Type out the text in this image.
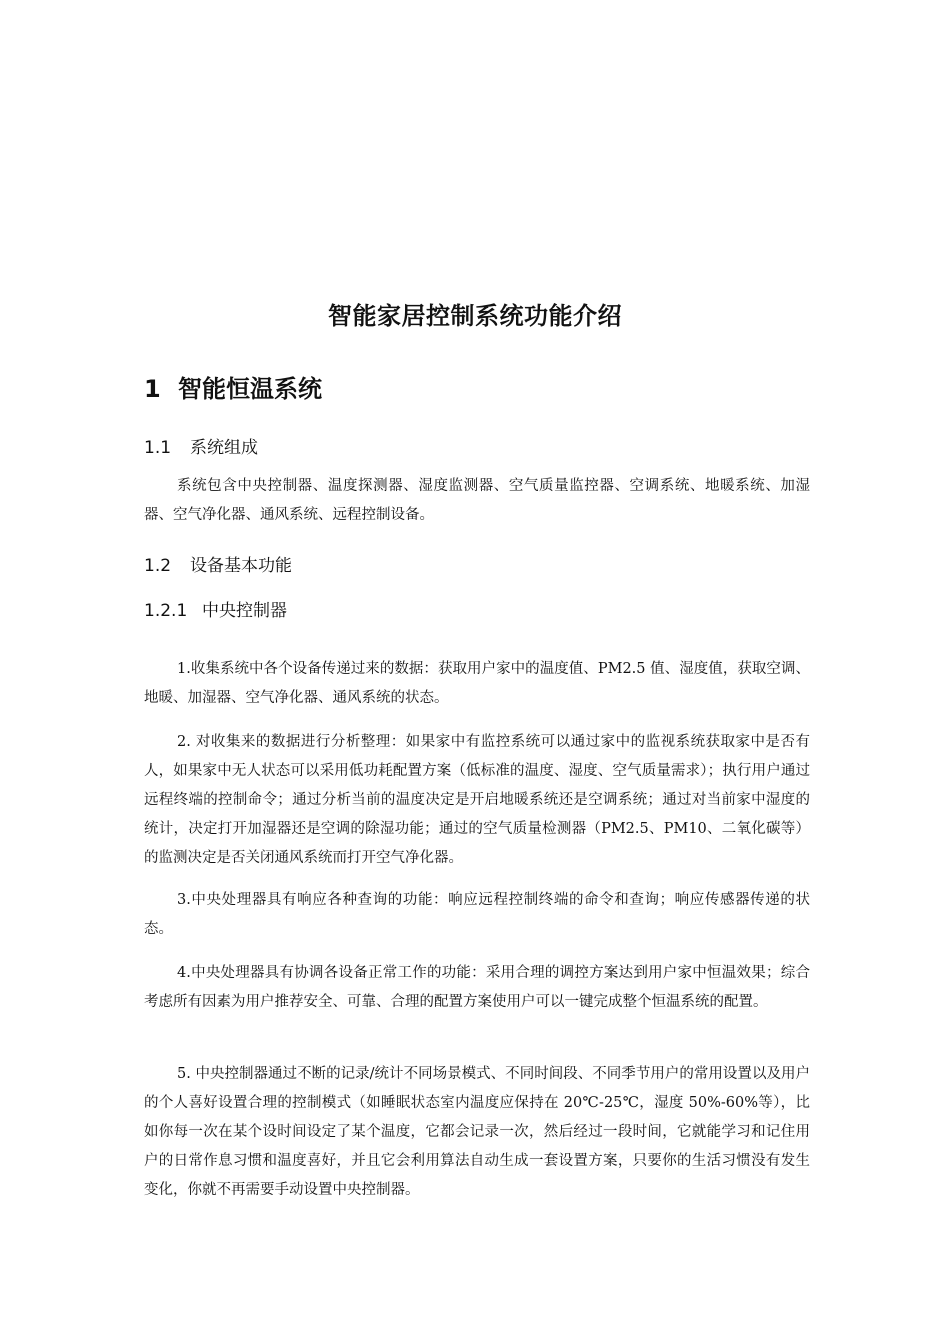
智能家居控制系统功能介绍
1 智能恒温系统
1.1 系统组成

系统包含中央控制器、温度探测器、湿度监测器、空气质量监控器、空调系统、地暖系统、加湿器、空气净化器、通风系统、远程控制设备。

1.2 设备基本功能
1.2.1 中央控制器

1.收集系统中各个设备传递过来的数据：获取用户家中的温度值、PM2.5 值、湿度值，获取空调、地暖、加湿器、空气净化器、通风系统的状态。

2. 对收集来的数据进行分析整理：如果家中有监控系统可以通过家中的监视系统获取家中是否有人，如果家中无人状态可以采用低功耗配置方案（低标准的温度、湿度、空气质量需求）；执行用户通过远程终端的控制命令；通过分析当前的温度决定是开启地暖系统还是空调系统；通过对当前家中湿度的统计，决定打开加湿器还是空调的除湿功能；通过的空气质量检测器（PM2.5、PM10、二氧化碳等）的监测决定是否关闭通风系统而打开空气净化器。

3.中央处理器具有响应各种查询的功能：响应远程控制终端的命令和查询；响应传感器传递的状态。

4.中央处理器具有协调各设备正常工作的功能：采用合理的调控方案达到用户家中恒温效果；综合考虑所有因素为用户推荐安全、可靠、合理的配置方案使用户可以一键完成整个恒温系统的配置。

5. 中央控制器通过不断的记录/统计不同场景模式、不同时间段、不同季节用户的常用设置以及用户的个人喜好设置合理的控制模式（如睡眠状态室内温度应保持在 20℃-25℃，湿度 50%-60%等），比如你每一次在某个设时间设定了某个温度，它都会记录一次，然后经过一段时间，它就能学习和记住用户的日常作息习惯和温度喜好，并且它会利用算法自动生成一套设置方案，只要你的生活习惯没有发生变化，你就不再需要手动设置中央控制器。
